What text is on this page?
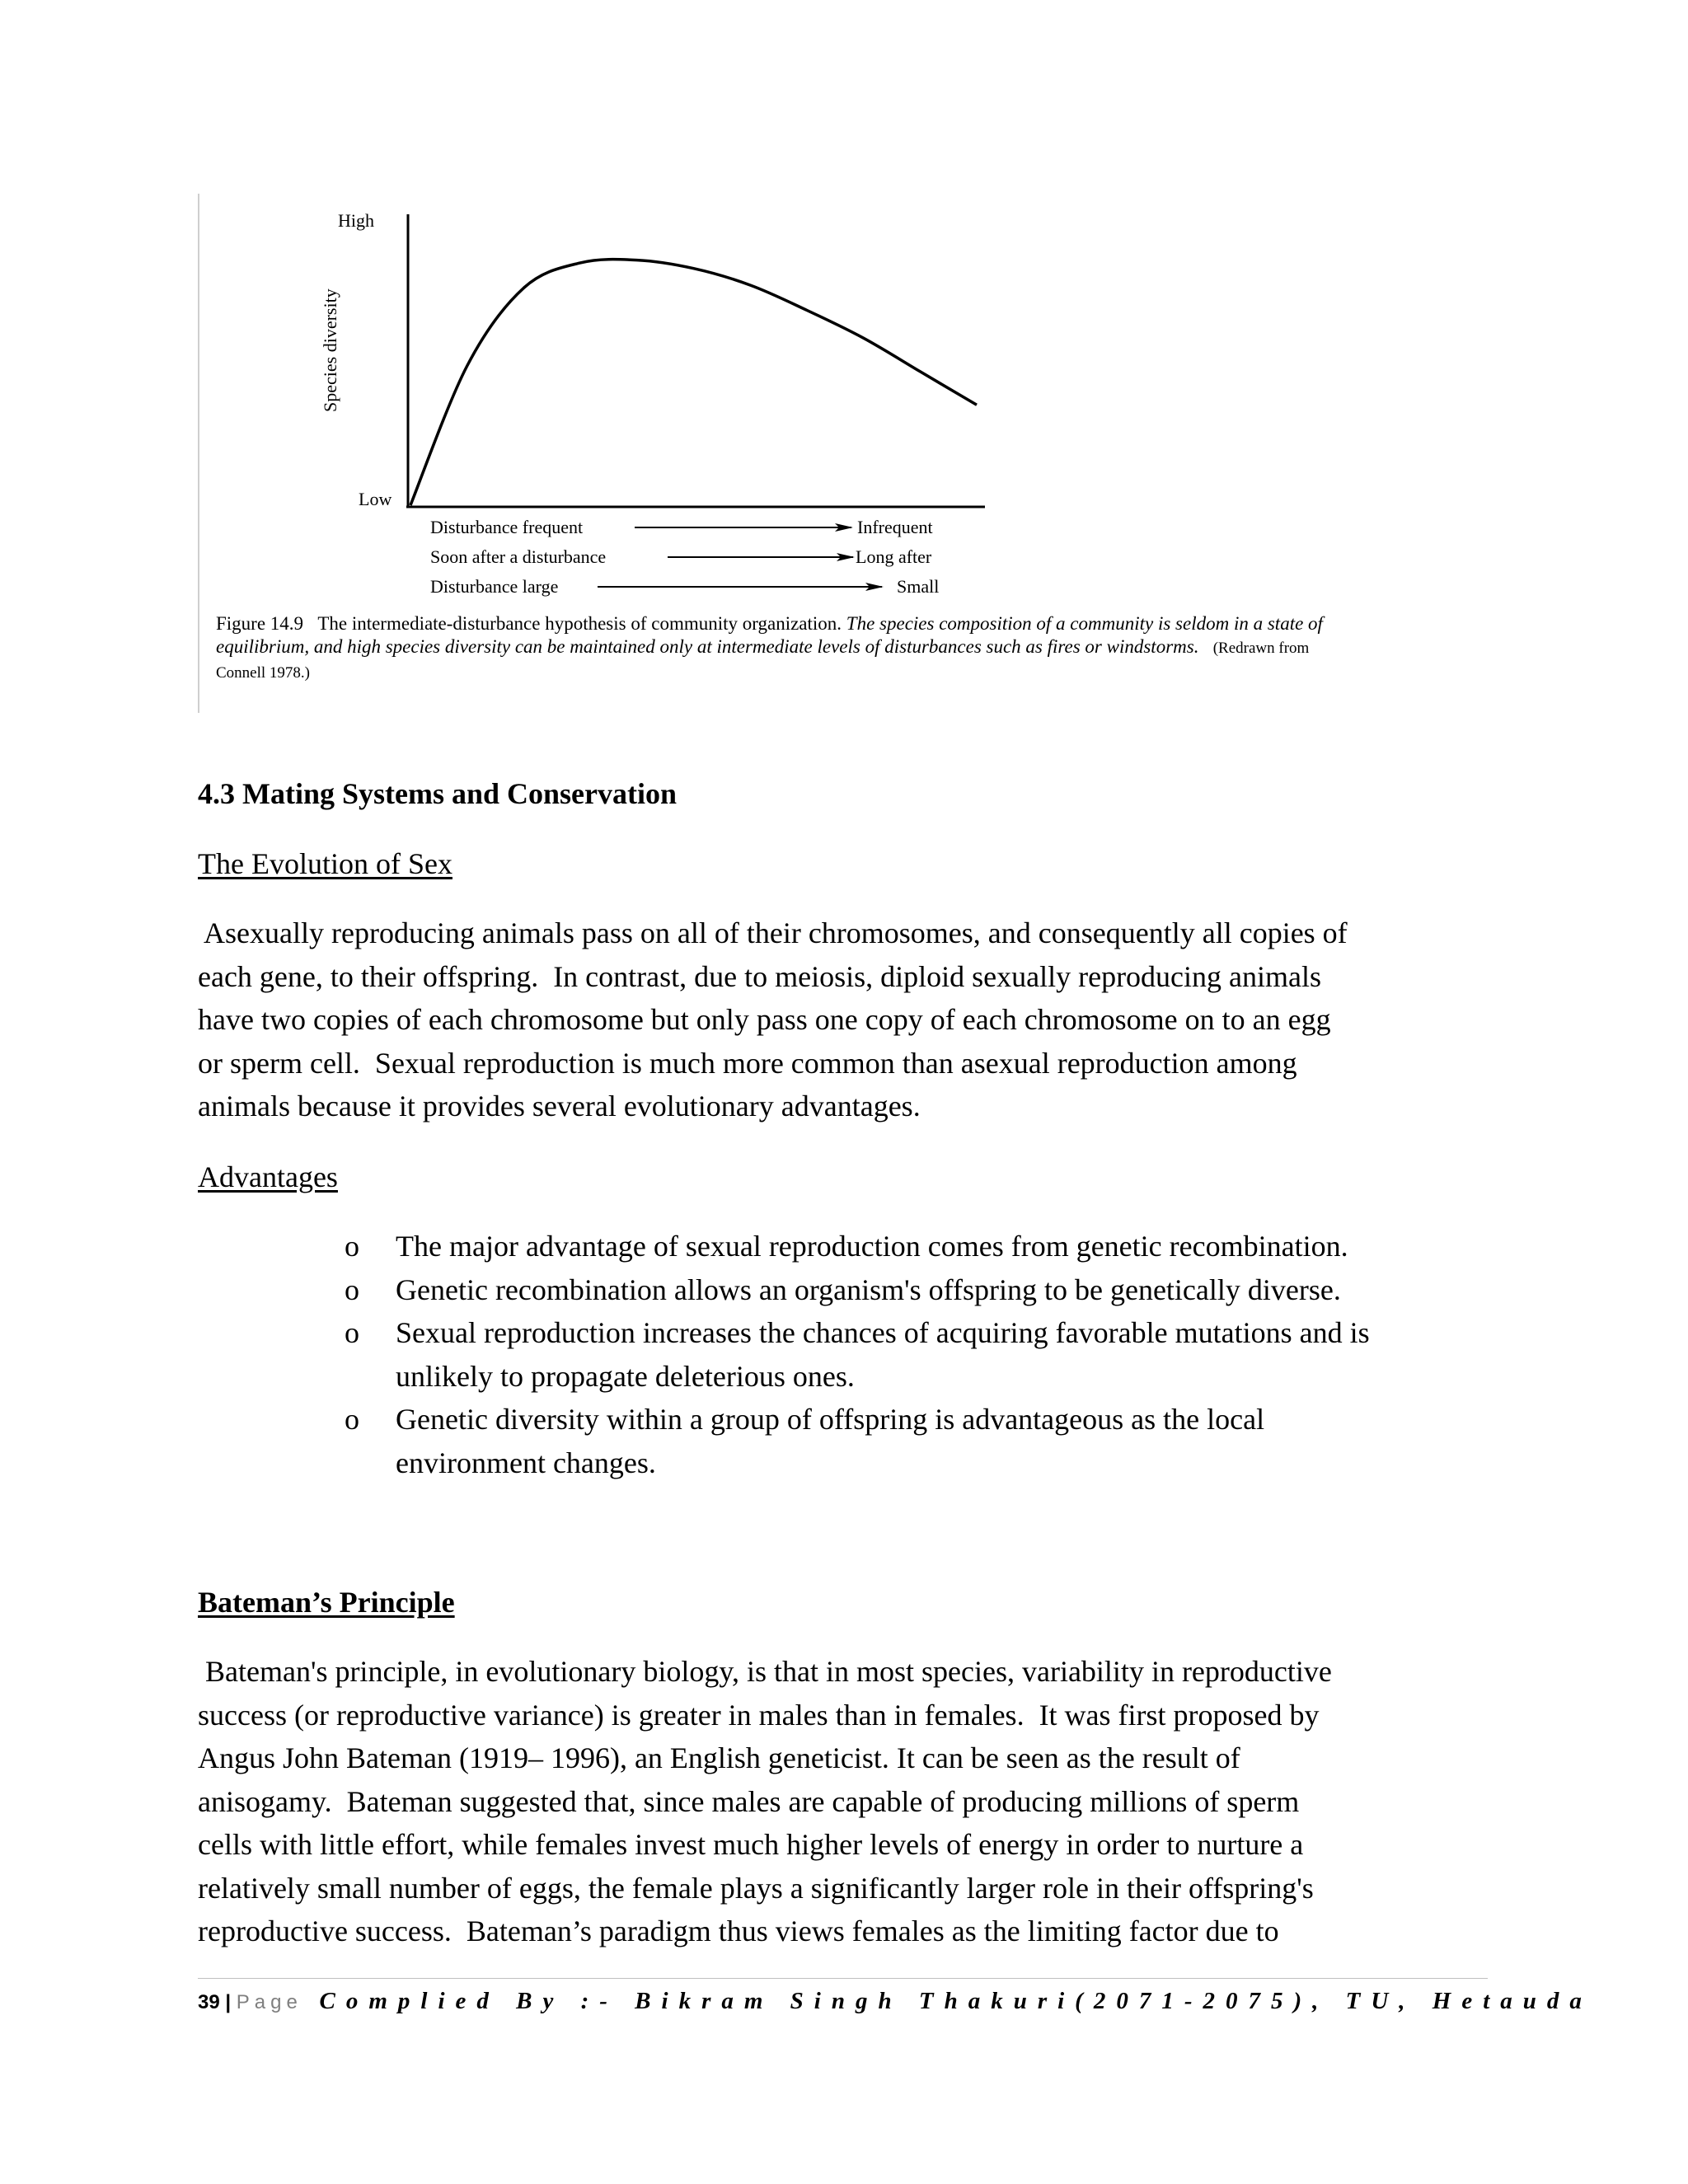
High
Low
Species diversity
Disturbance frequent	Infrequent
Soon after a disturbance	Long after
Disturbance large	Small
Figure 14.9 The intermediate-disturbance hypothesis of community organization. The species composition of a community is seldom in a state of equilibrium, and high species diversity can be maintained only at intermediate levels of disturbances such as fires or windstorms. (Redrawn from Connell 1978.)
4.3 Mating Systems and Conservation
The Evolution of Sex
Asexually reproducing animals pass on all of their chromosomes, and consequently all copies of
each gene, to their offspring.  In contrast, due to meiosis, diploid sexually reproducing animals
have two copies of each chromosome but only pass one copy of each chromosome on to an egg
or sperm cell.  Sexual reproduction is much more common than asexual reproduction among
animals because it provides several evolutionary advantages.
Advantages
o The major advantage of sexual reproduction comes from genetic recombination.
o Genetic recombination allows an organism's offspring to be genetically diverse.
o Sexual reproduction increases the chances of acquiring favorable mutations and is
unlikely to propagate deleterious ones.
o Genetic diversity within a group of offspring is advantageous as the local
environment changes.
Bateman’s Principle
Bateman's principle, in evolutionary biology, is that in most species, variability in reproductive
success (or reproductive variance) is greater in males than in females.  It was first proposed by
Angus John Bateman (1919– 1996), an English geneticist. It can be seen as the result of
anisogamy.  Bateman suggested that, since males are capable of producing millions of sperm
cells with little effort, while females invest much higher levels of energy in order to nurture a
relatively small number of eggs, the female plays a significantly larger role in their offspring's
reproductive success.  Bateman’s paradigm thus views females as the limiting factor due to
39 | Page Complied By :- Bikram Singh Thakuri(2071-2075), TU, Hetauda
